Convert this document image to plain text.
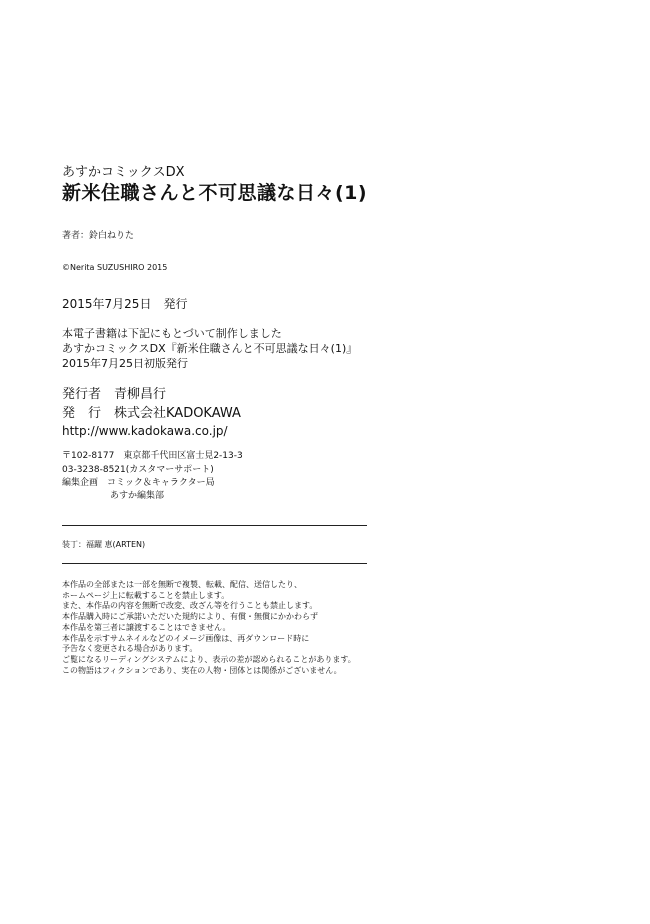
あすかコミックスDX
新米住職さんと不可思議な日々(1)
著者：鈴白ねりた
©Nerita SUZUSHIRO 2015
2015年7月25日　発行
本電子書籍は下記にもとづいて制作しました
あすかコミックスDX『新米住職さんと不可思議な日々(1)』
2015年7月25日初版発行
発行者　青柳昌行
発　行　株式会社KADOKAWA
http://www.kadokawa.co.jp/
〒102-8177　東京都千代田区富士見2-13-3
03-3238-8521(カスタマーサポート)
編集企画　コミック＆キャラクター局
あすか編集部
装丁：福躍 恵(ARTEN)
本作品の全部または一部を無断で複製、転載、配信、送信したり、
ホームページ上に転載することを禁止します。
また、本作品の内容を無断で改変、改ざん等を行うことも禁止します。
本作品購入時にご承諾いただいた規約により、有償・無償にかかわらず
本作品を第三者に譲渡することはできません。
本作品を示すサムネイルなどのイメージ画像は、再ダウンロード時に
予告なく変更される場合があります。
ご覧になるリーディングシステムにより、表示の差が認められることがあります。
この物語はフィクションであり、実在の人物・団体とは関係がございません。
